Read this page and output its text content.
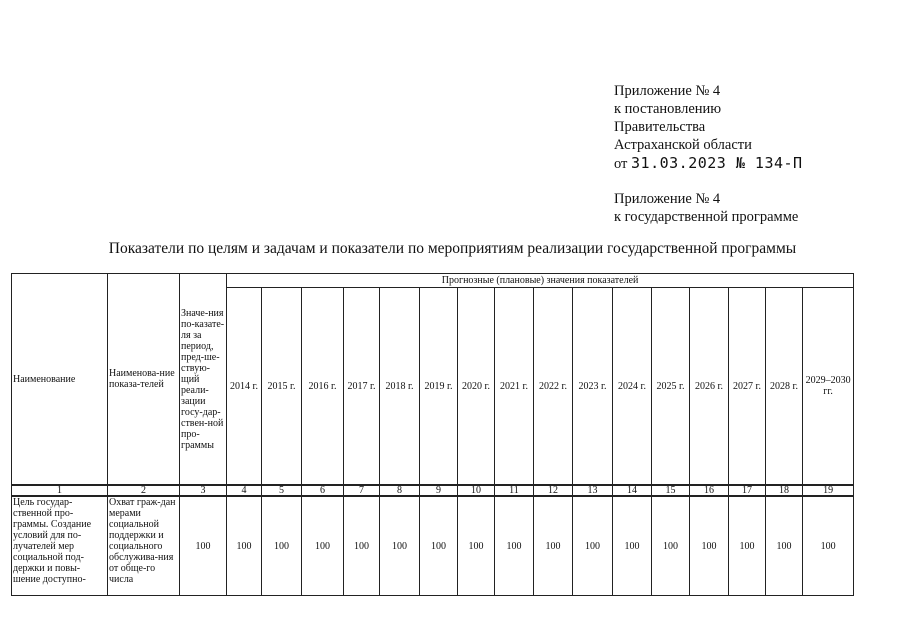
Приложение № 4
к постановлению
Правительства
Астраханской области
от 31.03.2023 № 134-П
Приложение № 4
к государственной программе
Показатели по целям и задачам и показатели по мероприятиям реализации государственной программы
Наименование	Наименова-ние показа-телей	Значе-ния по-казате-ля за период, пред-ше-ствую-щий реали-зации госу-дар-ствен-ной про-граммы	Прогнозные (плановые) значения показателей															
			2014 г.	2015 г.	2016 г.	2017 г.	2018 г.	2019 г.	2020 г.	2021 г.	2022 г.	2023 г.	2024 г.	2025 г.	2026 г.	2027 г.	2028 г.	2029–2030 гг.
1	2	3	4	5	6	7	8	9	10	11	12	13	14	15	16	17	18	19
Цель государ-ственной про-граммы. Создание условий для по-лучателей мер социальной под-держки и повы-шение доступно-	Охват граж-дан мерами социальной поддержки и социального обслужива-ния от обще-го числа	100	100	100	100	100	100	100	100	100	100	100	100	100	100	100	100	100
